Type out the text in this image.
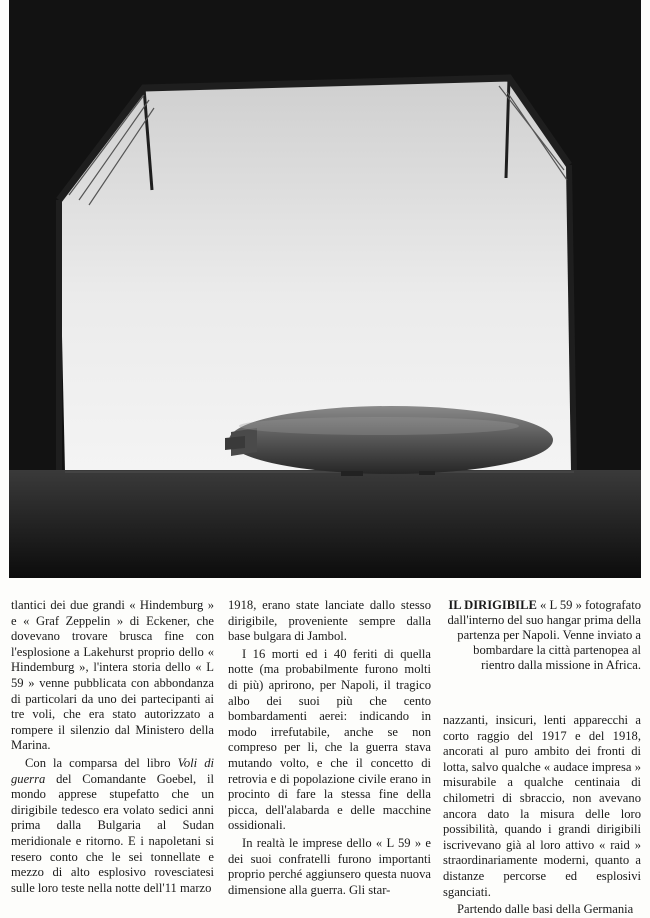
tlantici dei due grandi « Hindemburg » e « Graf Zeppelin » di Eckener, che dovevano trovare brusca fine con l'esplosione a Lakehurst proprio dello « Hindemburg », l'intera storia dello « L 59 » venne pubblicata con abbondanza di particolari da uno dei partecipanti ai tre voli, che era stato autorizzato a rompere il silenzio dal Ministero della Marina.

Con la comparsa del libro Voli di guerra del Comandante Goebel, il mondo apprese stupefatto che un dirigibile tedesco era volato sedici anni prima dalla Bulgaria al Sudan meridionale e ritorno. E i napoletani si resero conto che le sei tonnellate e mezzo di alto esplosivo rovesciatesi sulle loro teste nella notte dell'11 marzo

1918, erano state lanciate dallo stesso dirigibile, proveniente sempre dalla base bulgara di Jambol.

I 16 morti ed i 40 feriti di quella notte (ma probabilmente furono molti di più) aprirono, per Napoli, il tragico albo dei suoi più che cento bombardamenti aerei: indicando in modo irrefutabile, anche se non compreso per li, che la guerra stava mutando volto, e che il concetto di retrovia e di popolazione civile erano in procinto di fare la stessa fine della picca, dell'alabarda e delle macchine ossidionali.

In realtà le imprese dello « L 59 » e dei suoi confratelli furono importanti proprio perché aggiunsero questa nuova dimensione alla guerra. Gli star-

IL DIRIGIBILE « L 59 » fotografato dall'interno del suo hangar prima della partenza per Napoli. Venne inviato a bombardare la città partenopea al rientro dalla missione in Africa.

nazzanti, insicuri, lenti apparecchi a corto raggio del 1917 e del 1918, ancorati al puro ambito dei fronti di lotta, salvo qualche « audace impresa » misurabile a qualche centinaia di chilometri di sbraccio, non avevano ancora dato la misura delle loro possibilità, quando i grandi dirigibili iscrivevano già al loro attivo « raid » straordinariamente moderni, quanto a distanze percorse ed esplosivi sganciati.

Partendo dalle basi della Germania
